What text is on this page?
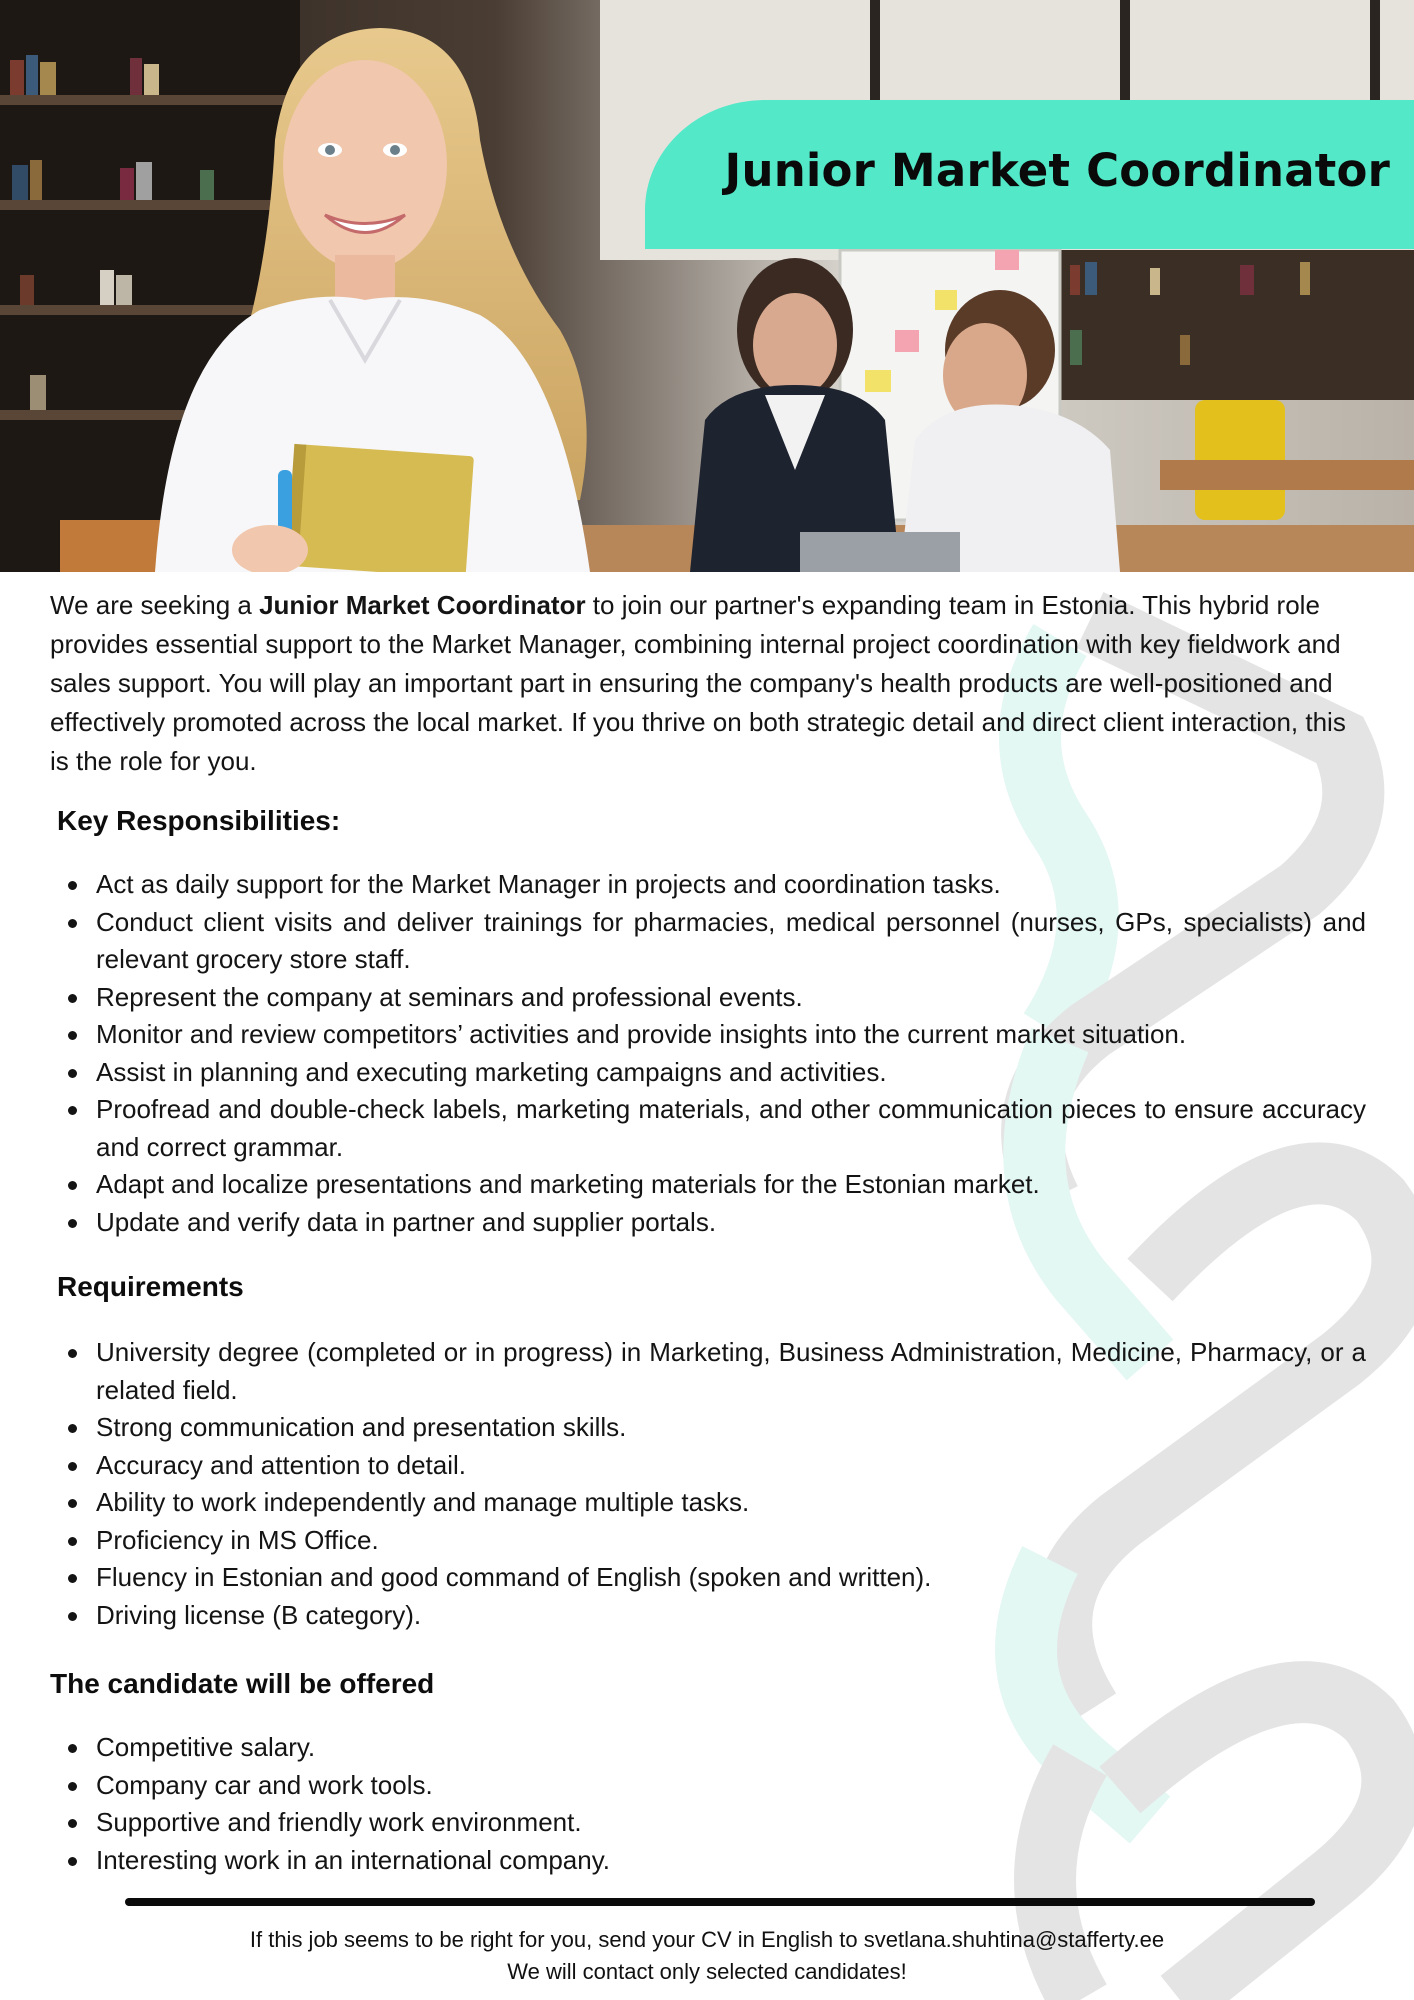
Junior Market Coordinator

We are seeking a Junior Market Coordinator to join our partner's expanding team in Estonia. This hybrid role provides essential support to the Market Manager, combining internal project coordination with key fieldwork and sales support. You will play an important part in ensuring the company's health products are well-positioned and effectively promoted across the local market. If you thrive on both strategic detail and direct client interaction, this is the role for you.

Key Responsibilities:
Act as daily support for the Market Manager in projects and coordination tasks.
Conduct client visits and deliver trainings for pharmacies, medical personnel (nurses, GPs, specialists) and relevant grocery store staff.
Represent the company at seminars and professional events.
Monitor and review competitors’ activities and provide insights into the current market situation.
Assist in planning and executing marketing campaigns and activities.
Proofread and double-check labels, marketing materials, and other communication pieces to ensure accuracy and correct grammar.
Adapt and localize presentations and marketing materials for the Estonian market.
Update and verify data in partner and supplier portals.
Requirements
University degree (completed or in progress) in Marketing, Business Administration, Medicine, Pharmacy, or a related field.
Strong communication and presentation skills.
Accuracy and attention to detail.
Ability to work independently and manage multiple tasks.
Proficiency in MS Office.
Fluency in Estonian and good command of English (spoken and written).
Driving license (B category).
The candidate will be offered
Competitive salary.
Company car and work tools.
Supportive and friendly work environment.
Interesting work in an international company.

If this job seems to be right for you, send your CV in English to svetlana.shuhtina@stafferty.ee

We will contact only selected candidates!
